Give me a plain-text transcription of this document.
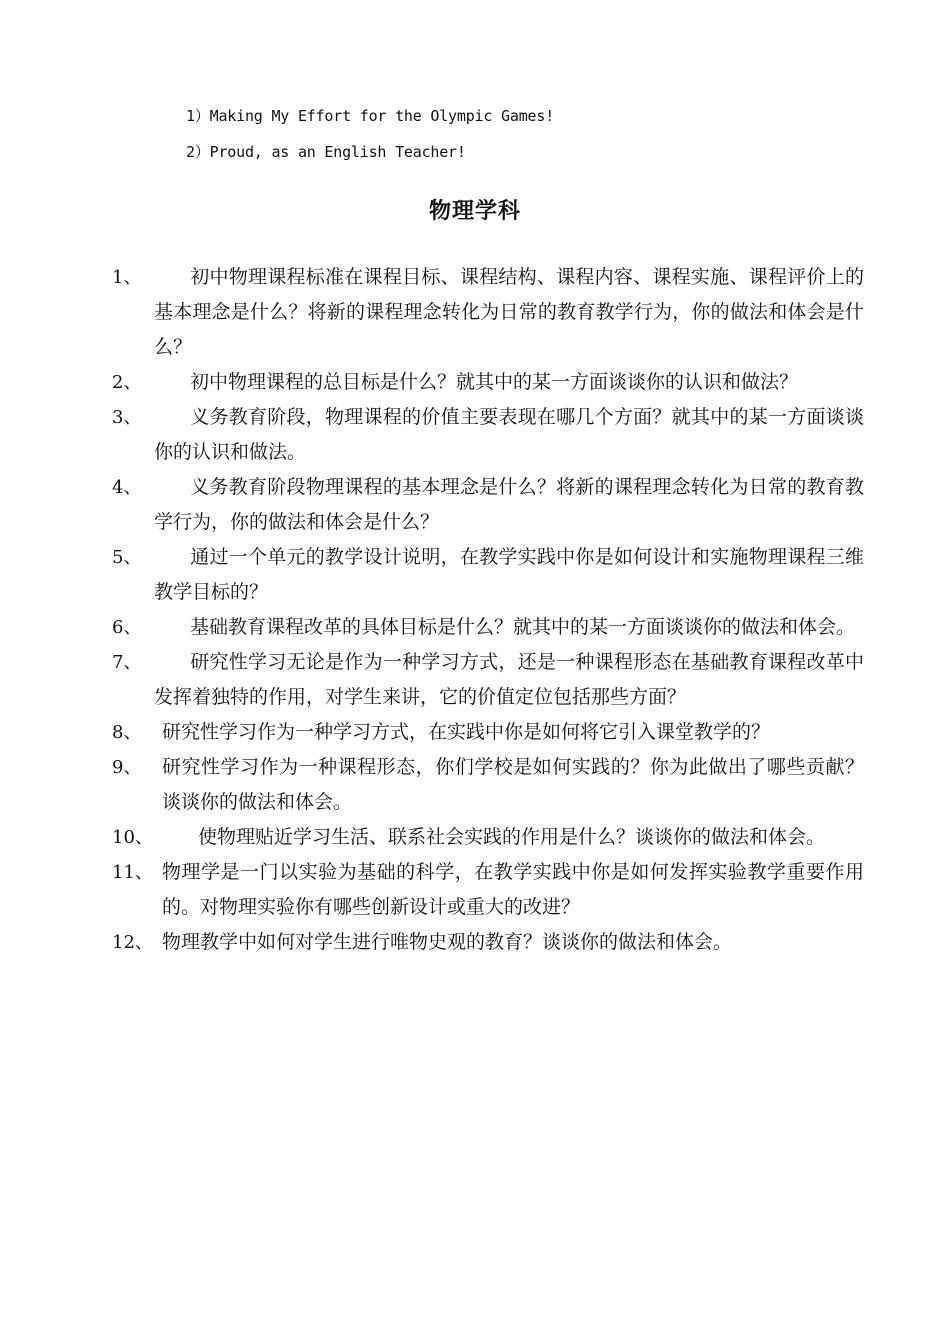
1）Making My Effort for the Olympic Games!
2）Proud, as an English Teacher!
物理学科
1、	初中物理课程标准在课程目标、课程结构、课程内容、课程实施、课程评价上的基本理念是什么？将新的课程理念转化为日常的教育教学行为，你的做法和体会是什么？
2、	初中物理课程的总目标是什么？就其中的某一方面谈谈你的认识和做法？
3、	义务教育阶段，物理课程的价值主要表现在哪几个方面？就其中的某一方面谈谈你的认识和做法。
4、	义务教育阶段物理课程的基本理念是什么？将新的课程理念转化为日常的教育教学行为，你的做法和体会是什么？
5、	通过一个单元的教学设计说明，在教学实践中你是如何设计和实施物理课程三维教学目标的？
6、	基础教育课程改革的具体目标是什么？就其中的某一方面谈谈你的做法和体会。
7、	研究性学习无论是作为一种学习方式，还是一种课程形态在基础教育课程改革中发挥着独特的作用，对学生来讲，它的价值定位包括那些方面？
8、	研究性学习作为一种学习方式，在实践中你是如何将它引入课堂教学的？
9、	研究性学习作为一种课程形态，你们学校是如何实践的？你为此做出了哪些贡献？谈谈你的做法和体会。
10、	使物理贴近学习生活、联系社会实践的作用是什么？谈谈你的做法和体会。
11、 物理学是一门以实验为基础的科学，在教学实践中你是如何发挥实验教学重要作用的。对物理实验你有哪些创新设计或重大的改进？
12、 物理教学中如何对学生进行唯物史观的教育？谈谈你的做法和体会。
